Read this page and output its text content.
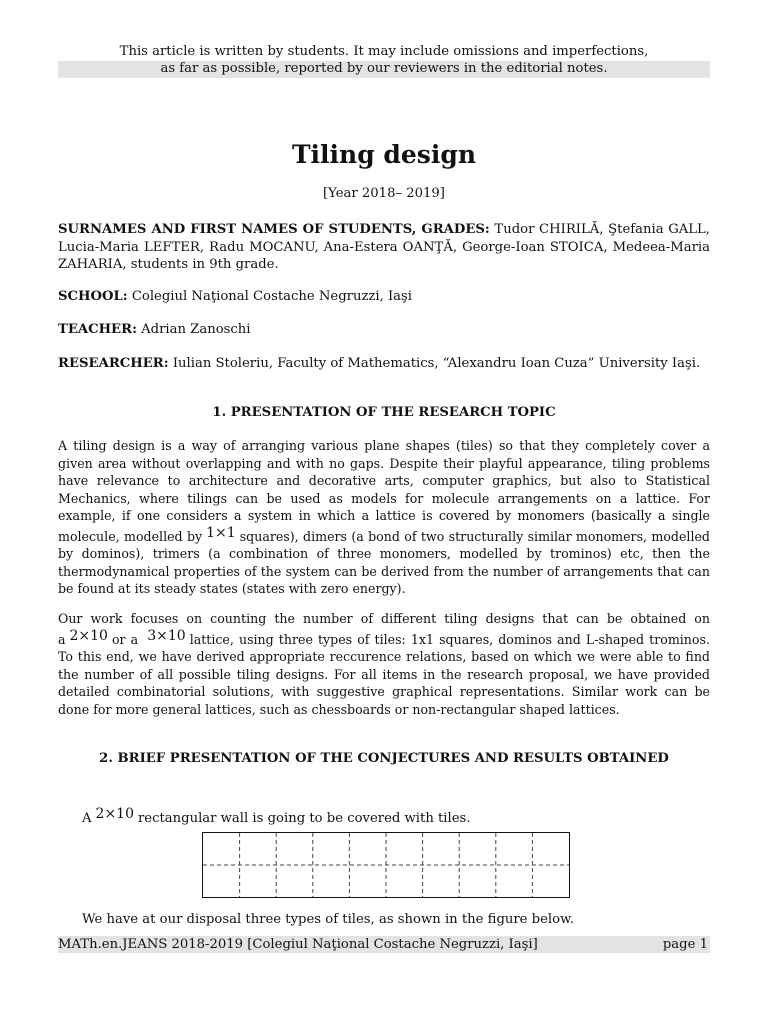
This article is written by students. It may include omissions and imperfections,
as far as possible, reported by our reviewers in the editorial notes.
Tiling design
[Year 2018– 2019]

SURNAMES AND FIRST NAMES OF STUDENTS, GRADES: Tudor CHIRILĂ, Ştefania GALL, Lucia-Maria LEFTER, Radu MOCANU, Ana-Estera OANŢĂ, George-Ioan STOICA, Medeea-Maria ZAHARIA, students in 9th grade.

SCHOOL: Colegiul Naţional Costache Negruzzi, Iaşi

TEACHER: Adrian Zanoschi

RESEARCHER: Iulian Stoleriu, Faculty of Mathematics, “Alexandru Ioan Cuza” University Iaşi.

1. PRESENTATION OF THE RESEARCH TOPIC

A tiling design is a way of arranging various plane shapes (tiles) so that they completely cover a given area without overlapping and with no gaps. Despite their playful appearance, tiling problems have relevance to architecture and decorative arts, computer graphics, but also to Statistical Mechanics, where tilings can be used as models for molecule arrangements on a lattice. For example, if one considers a system in which a lattice is covered by monomers (basically a single molecule, modelled by 1×1 squares), dimers (a bond of two structurally similar monomers, modelled by dominos), trimers (a combination of three monomers, modelled by trominos) etc, then the thermodynamical properties of the system can be derived from the number of arrangements that can be found at its steady states (states with zero energy).

Our work focuses on counting the number of different tiling designs that can be obtained on a 2×10 or a 3×10 lattice, using three types of tiles: 1x1 squares, dominos and L-shaped trominos. To this end, we have derived appropriate reccurence relations, based on which we were able to find the number of all possible tiling designs. For all items in the research proposal, we have provided detailed combinatorial solutions, with suggestive graphical representations. Similar work can be done for more general lattices, such as chessboards or non-rectangular shaped lattices.

2. BRIEF PRESENTATION OF THE CONJECTURES AND RESULTS OBTAINED
A 2×10 rectangular wall is going to be covered with tiles.
We have at our disposal three types of tiles, as shown in the figure below.
MATh.en.JEANS 2018-2019 [Colegiul Naţional Costache Negruzzi, Iaşi]	page 1
